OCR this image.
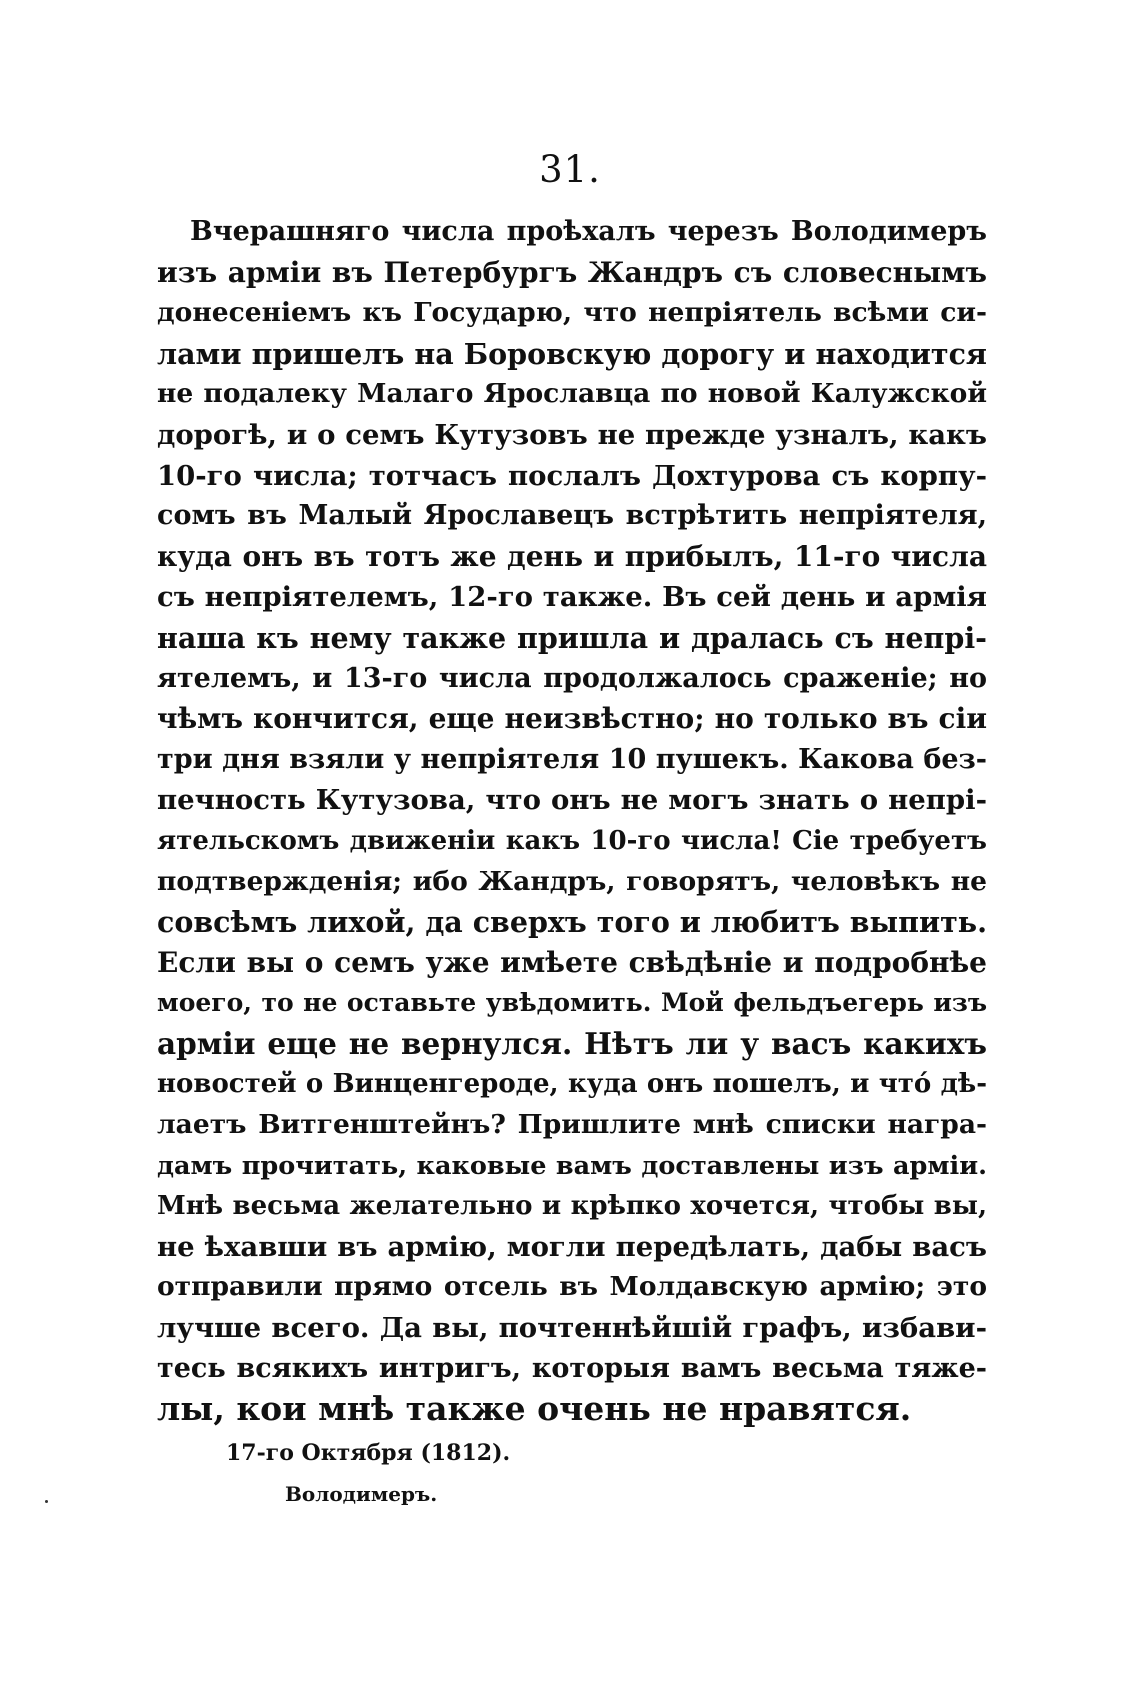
31.
Вчерашняго числа проѣхалъ черезъ Володимеръ
изъ арміи въ Петербургъ Жандръ съ словеснымъ
донесеніемъ къ Государю, что непріятель всѣми си-
лами пришелъ на Боровскую дорогу и находится
не подалеку Малаго Ярославца по новой Калужской
дорогѣ, и о семъ Кутузовъ не прежде узналъ, какъ
10-го числа; тотчасъ послалъ Дохтурова съ корпу-
сомъ въ Малый Ярославецъ встрѣтить непріятеля,
куда онъ въ тотъ же день и прибылъ, 11-го числа
съ непріятелемъ, 12-го также. Въ сей день и армія
наша къ нему также пришла и дралась съ непрі-
ятелемъ, и 13-го числа продолжалось сраженіе; но
чѣмъ кончится, еще неизвѣстно; но только въ сіи
три дня взяли у непріятеля 10 пушекъ. Какова без-
печность Кутузова, что онъ не могъ знать о непрі-
ятельскомъ движеніи какъ 10-го числа! Сіе требуетъ
подтвержденія; ибо Жандръ, говорятъ, человѣкъ не
совсѣмъ лихой, да сверхъ того и любитъ выпить.
Если вы о семъ уже имѣете свѣдѣніе и подробнѣе
моего, то не оставьте увѣдомить. Мой фельдъегерь изъ
арміи еще не вернулся. Нѣтъ ли у васъ какихъ
новостей о Винценгероде, куда онъ пошелъ, и что́ дѣ-
лаетъ Витгенштейнъ? Пришлите мнѣ списки награ-
дамъ прочитать, каковые вамъ доставлены изъ арміи.
Мнѣ весьма желательно и крѣпко хочется, чтобы вы,
не ѣхавши въ армію, могли передѣлать, дабы васъ
отправили прямо отсель въ Молдавскую армію; это
лучше всего. Да вы, почтеннѣйшій графъ, избави-
тесь всякихъ интригъ, которыя вамъ весьма тяже-
лы, кои мнѣ также очень не нравятся.
17-го Октября (1812).
Володимеръ.
